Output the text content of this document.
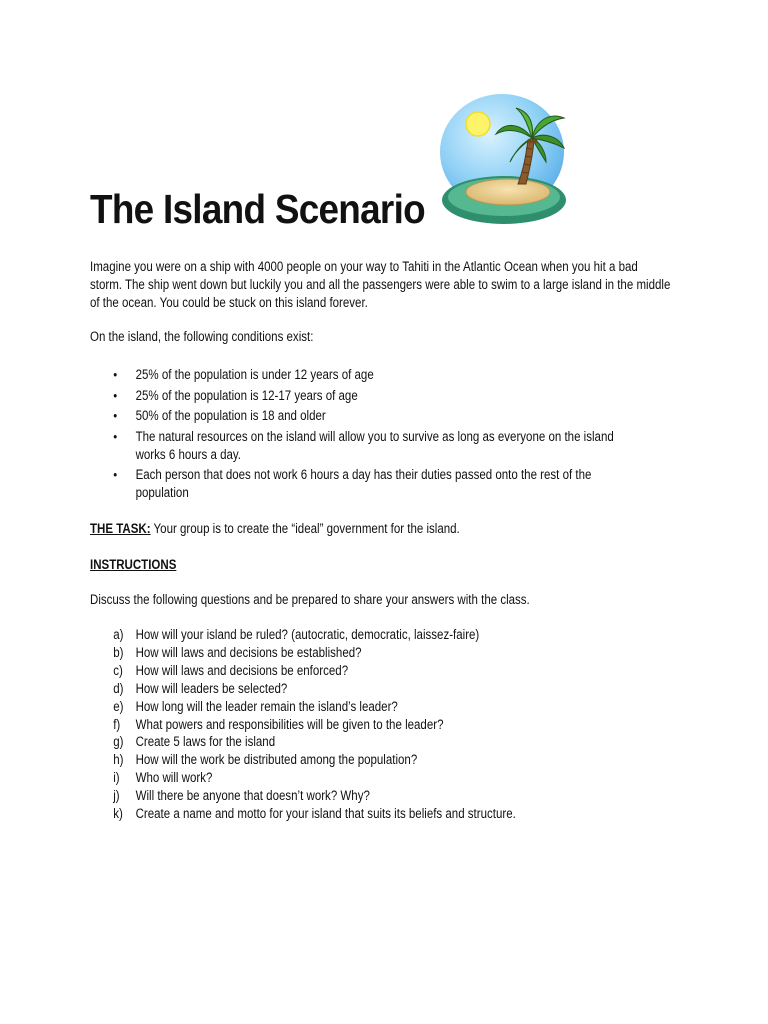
The Island Scenario

Imagine you were on a ship with 4000 people on your way to Tahiti in the Atlantic Ocean when you hit a bad storm. The ship went down but luckily you and all the passengers were able to swim to a large island in the middle of the ocean. You could be stuck on this island forever.

On the island, the following conditions exist:

• 25% of the population is under 12 years of age
• 25% of the population is 12-17 years of age
• 50% of the population is 18 and older
• The natural resources on the island will allow you to survive as long as everyone on the island works 6 hours a day.
• Each person that does not work 6 hours a day has their duties passed onto the rest of the population

THE TASK: Your group is to create the “ideal” government for the island.

INSTRUCTIONS

Discuss the following questions and be prepared to share your answers with the class.

a) How will your island be ruled? (autocratic, democratic, laissez-faire)
b) How will laws and decisions be established?
c) How will laws and decisions be enforced?
d) How will leaders be selected?
e) How long will the leader remain the island’s leader?
f) What powers and responsibilities will be given to the leader?
g) Create 5 laws for the island
h) How will the work be distributed among the population?
i) Who will work?
j) Will there be anyone that doesn’t work? Why?
k) Create a name and motto for your island that suits its beliefs and structure.
